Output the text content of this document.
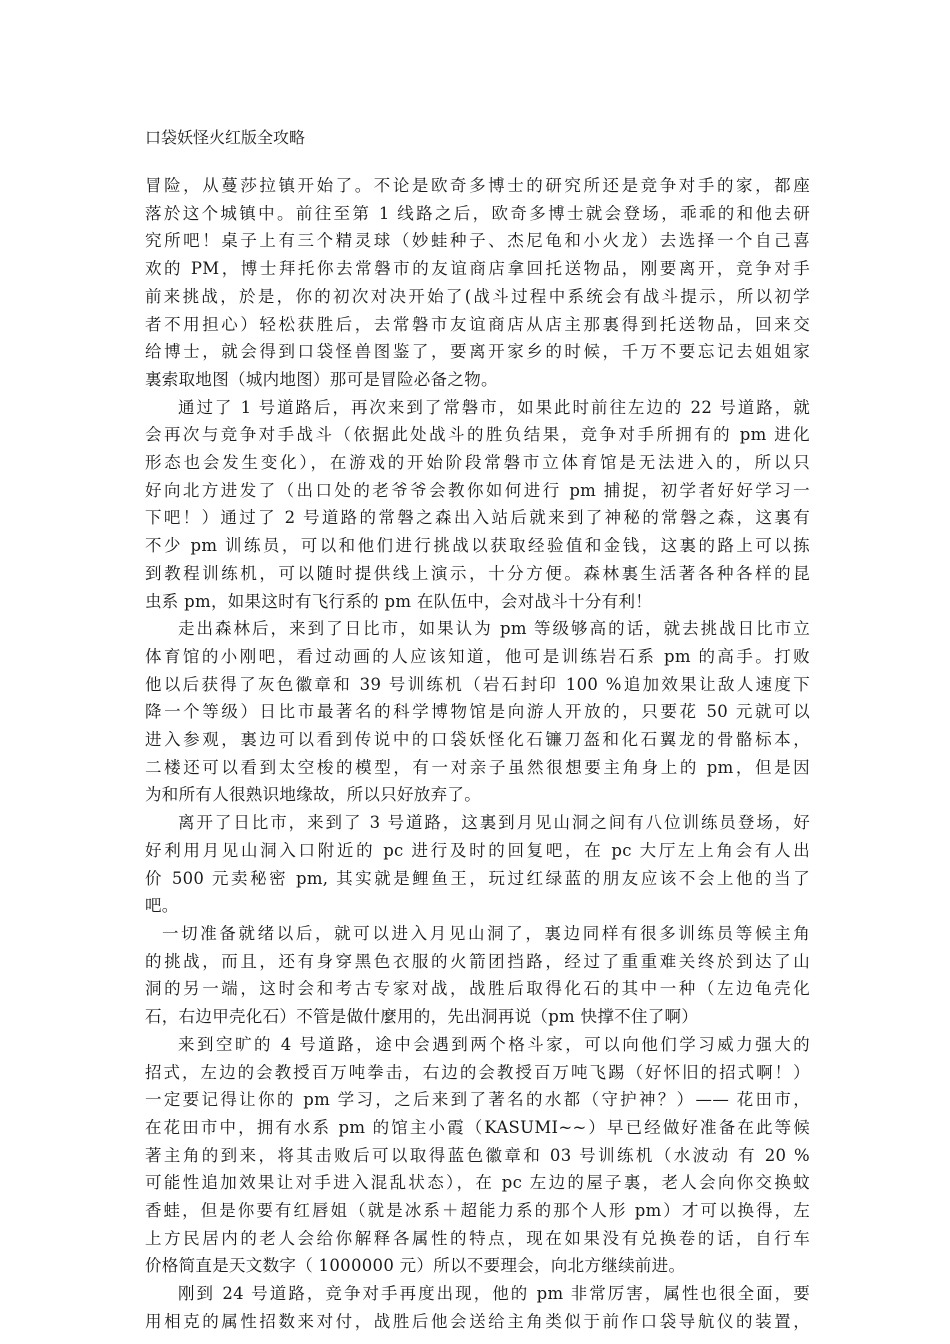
口袋妖怪火红版全攻略
冒险，从蔓莎拉镇开始了。不论是欧奇多博士的研究所还是竞争对手的家，都座
落於这个城镇中。前往至第 1 线路之后，欧奇多博士就会登场，乖乖的和他去研
究所吧！桌子上有三个精灵球（妙蛙种子、杰尼龟和小火龙）去选择一个自己喜
欢的 PM，博士拜托你去常磐市的友谊商店拿回托送物品，刚要离开，竞争对手
前来挑战，於是，你的初次对决开始了(战斗过程中系统会有战斗提示，所以初学
者不用担心）轻松获胜后，去常磐市友谊商店从店主那裏得到托送物品，回来交
给博士，就会得到口袋怪兽图鉴了，要离开家乡的时候，千万不要忘记去姐姐家
裏索取地图（城内地图）那可是冒险必备之物。
通过了 1 号道路后，再次来到了常磐市，如果此时前往左边的 22 号道路，就
会再次与竞争对手战斗（依据此处战斗的胜负结果，竞争对手所拥有的 pm 进化
形态也会发生变化），在游戏的开始阶段常磐市立体育馆是无法进入的，所以只
好向北方进发了（出口处的老爷爷会教你如何进行 pm 捕捉，初学者好好学习一
下吧！）通过了 2 号道路的常磐之森出入站后就来到了神秘的常磐之森，这裏有
不少 pm 训练员，可以和他们进行挑战以获取经验值和金钱，这裏的路上可以拣
到教程训练机，可以随时提供线上演示，十分方便。森林裏生活著各种各样的昆
虫系 pm，如果这时有飞行系的 pm 在队伍中，会对战斗十分有利！
走出森林后，来到了日比市，如果认为 pm 等级够高的话，就去挑战日比市立
体育馆的小刚吧，看过动画的人应该知道，他可是训练岩石系 pm 的高手。打败
他以后获得了灰色徽章和 39 号训练机（岩石封印 100 %追加效果让敌人速度下
降一个等级）日比市最著名的科学博物馆是向游人开放的，只要花 50 元就可以
进入参观，裏边可以看到传说中的口袋妖怪化石镰刀盔和化石翼龙的骨骼标本，
二楼还可以看到太空梭的模型，有一对亲子虽然很想要主角身上的 pm，但是因
为和所有人很熟识地缘故，所以只好放弃了。
离开了日比市，来到了 3 号道路，这裏到月见山洞之间有八位训练员登场，好
好利用月见山洞入口附近的 pc 进行及时的回复吧，在 pc 大厅左上角会有人出
价 500 元卖秘密 pm, 其实就是鲤鱼王，玩过红绿蓝的朋友应该不会上他的当了
吧。
一切准备就绪以后，就可以进入月见山洞了，裏边同样有很多训练员等候主角
的挑战，而且，还有身穿黑色衣服的火箭团挡路，经过了重重难关终於到达了山
洞的另一端，这时会和考古专家对战，战胜后取得化石的其中一种（左边龟壳化
石，右边甲壳化石）不管是做什麼用的，先出洞再说（pm 快撑不住了啊）
来到空旷的 4 号道路，途中会遇到两个格斗家，可以向他们学习威力强大的
招式，左边的会教授百万吨拳击，右边的会教授百万吨飞踢（好怀旧的招式啊！）
一定要记得让你的 pm 学习，之后来到了著名的水都（守护神？）—— 花田市，
在花田市中，拥有水系 pm 的馆主小霞（KASUMI~~）早已经做好准备在此等候
著主角的到来，将其击败后可以取得蓝色徽章和 03 号训练机（水波动 有 20 %
可能性追加效果让对手进入混乱状态），在 pc 左边的屋子裏，老人会向你交换蚊
香蛙，但是你要有红唇姐（就是冰系＋超能力系的那个人形 pm）才可以换得，左
上方民居内的老人会给你解释各属性的特点，现在如果没有兑换卷的话，自行车
价格简直是天文数字（ 1000000 元）所以不要理会，向北方继续前进。
刚到 24 号道路，竞争对手再度出现，他的 pm 非常厉害，属性也很全面，要
用相克的属性招数来对付，战胜后他会送给主角类似于前作口袋导航仪的装置，
